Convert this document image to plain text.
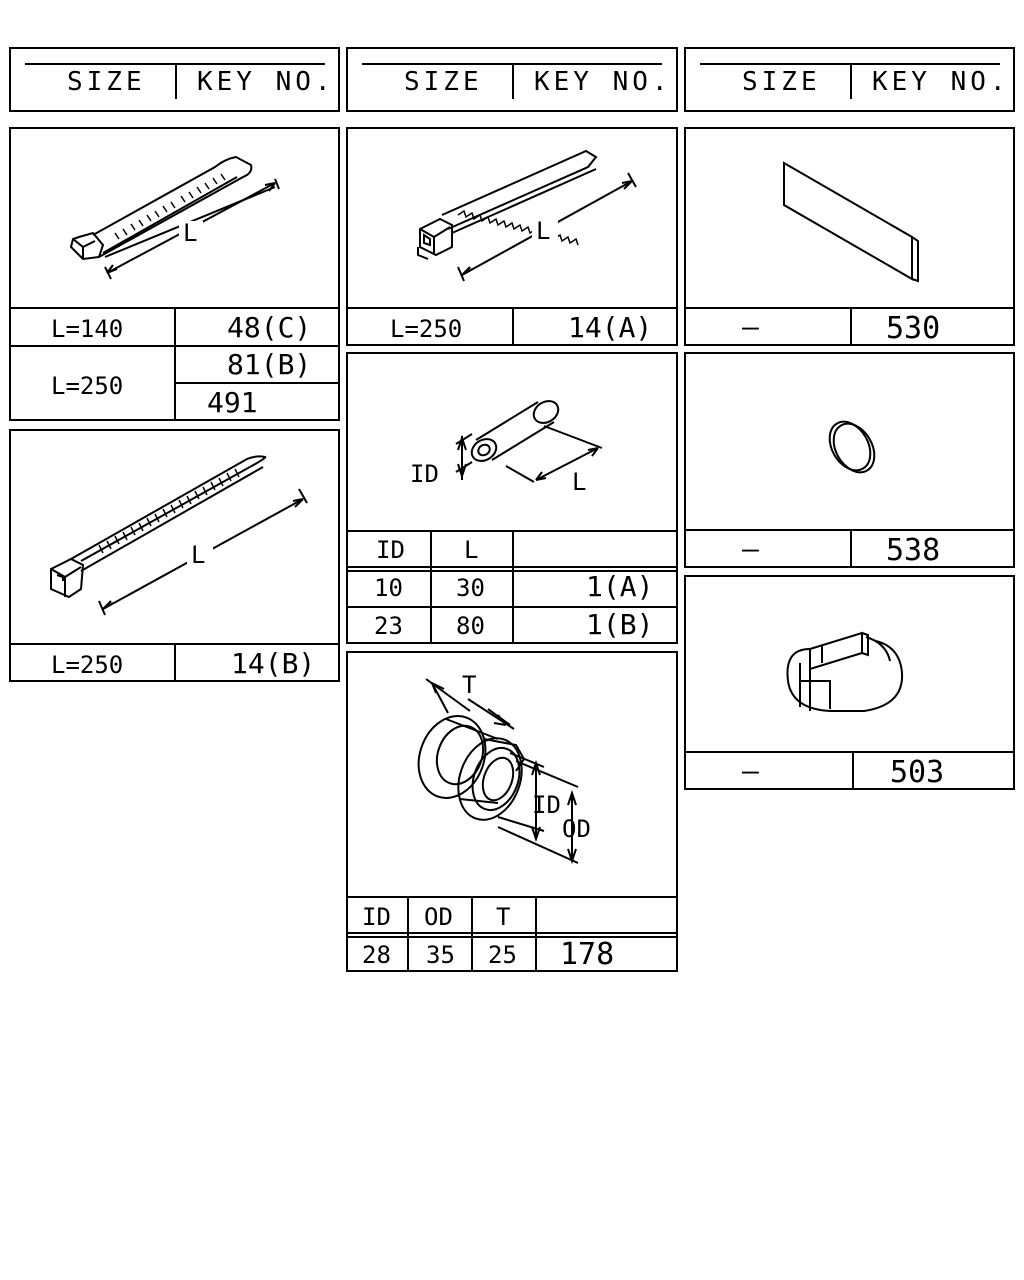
SIZE KEY NO.	SIZE KEY NO.	SIZE KEY NO.
L
L=140	48(C)
L=250
81(B)
491
L
L=250	14(B)
L
L=250	14(A)
ID	L
ID L
10 30	1(A)
23 80	1(B)
T
ID
OD
ID OD T
28 35 25 178
—	530
—	538
—	503
